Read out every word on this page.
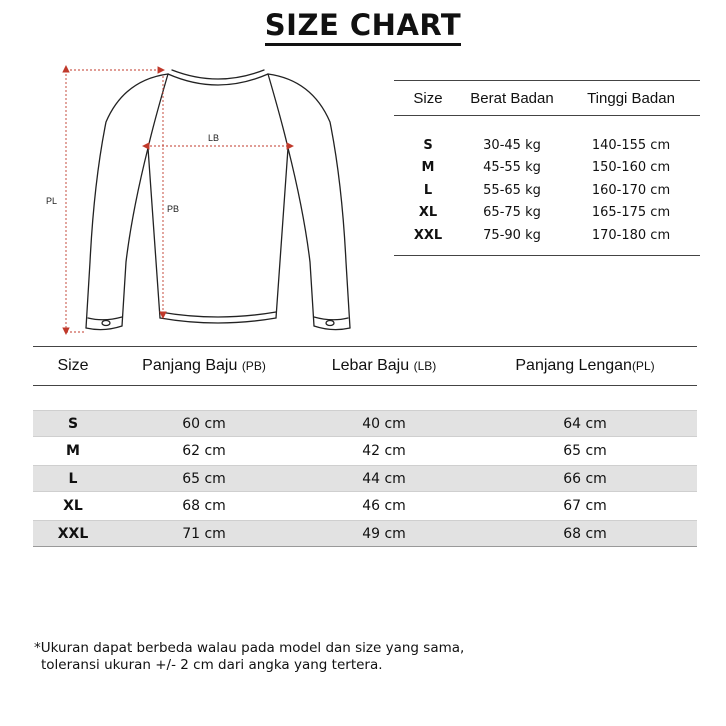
SIZE CHART
PL
PB
LB
Size	Berat Badan	Tinggi Badan
S	30-45 kg	140-155 cm
M	45-55 kg	150-160 cm
L	55-65 kg	160-170 cm
XL	65-75 kg	165-175 cm
XXL	75-90 kg	170-180 cm
Size	Panjang Baju (PB)	Lebar Baju (LB)	Panjang Lengan(PL)
S	60 cm	40 cm	64 cm
M	62 cm	42 cm	65 cm
L	65 cm	44 cm	66 cm
XL	68 cm	46 cm	67 cm
XXL	71 cm	49 cm	68 cm
*Ukuran dapat berbeda walau pada model dan size yang sama,
toleransi ukuran +/- 2 cm dari angka yang tertera.
